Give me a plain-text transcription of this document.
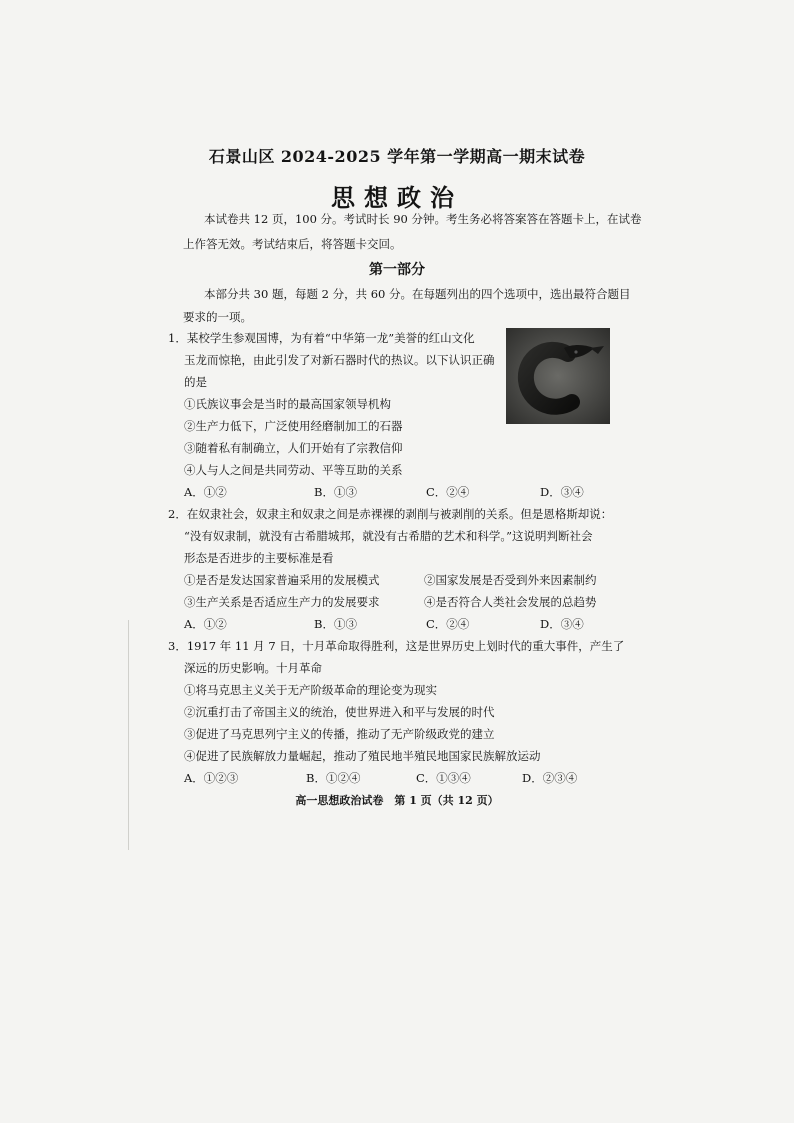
石景山区 2024-2025 学年第一学期高一期末试卷
思想政治
本试卷共 12 页，100 分。考试时长 90 分钟。考生务必将答案答在答题卡上，在试卷
上作答无效。考试结束后，将答题卡交回。
第一部分
本部分共 30 题，每题 2 分，共 60 分。在每题列出的四个选项中，选出最符合题目
要求的一项。
1．某校学生参观国博，为有着“中华第一龙”美誉的红山文化
玉龙而惊艳，由此引发了对新石器时代的热议。以下认识正确
的是
①氏族议事会是当时的最高国家领导机构
②生产力低下，广泛使用经磨制加工的石器
③随着私有制确立，人们开始有了宗教信仰
④人与人之间是共同劳动、平等互助的关系
A．①②	B．①③	C．②④	D．③④
2．在奴隶社会，奴隶主和奴隶之间是赤裸裸的剥削与被剥削的关系。但是恩格斯却说：
“没有奴隶制，就没有古希腊城邦，就没有古希腊的艺术和科学。”这说明判断社会
形态是否进步的主要标准是看
①是否是发达国家普遍采用的发展模式	②国家发展是否受到外来因素制约
③生产关系是否适应生产力的发展要求	④是否符合人类社会发展的总趋势
A．①②	B．①③	C．②④	D．③④
3．1917 年 11 月 7 日，十月革命取得胜利，这是世界历史上划时代的重大事件，产生了
深远的历史影响。十月革命
①将马克思主义关于无产阶级革命的理论变为现实
②沉重打击了帝国主义的统治，使世界进入和平与发展的时代
③促进了马克思列宁主义的传播，推动了无产阶级政党的建立
④促进了民族解放力量崛起，推动了殖民地半殖民地国家民族解放运动
A．①②③	B．①②④	C．①③④	D．②③④
高一思想政治试卷　第 1 页（共 12 页）
